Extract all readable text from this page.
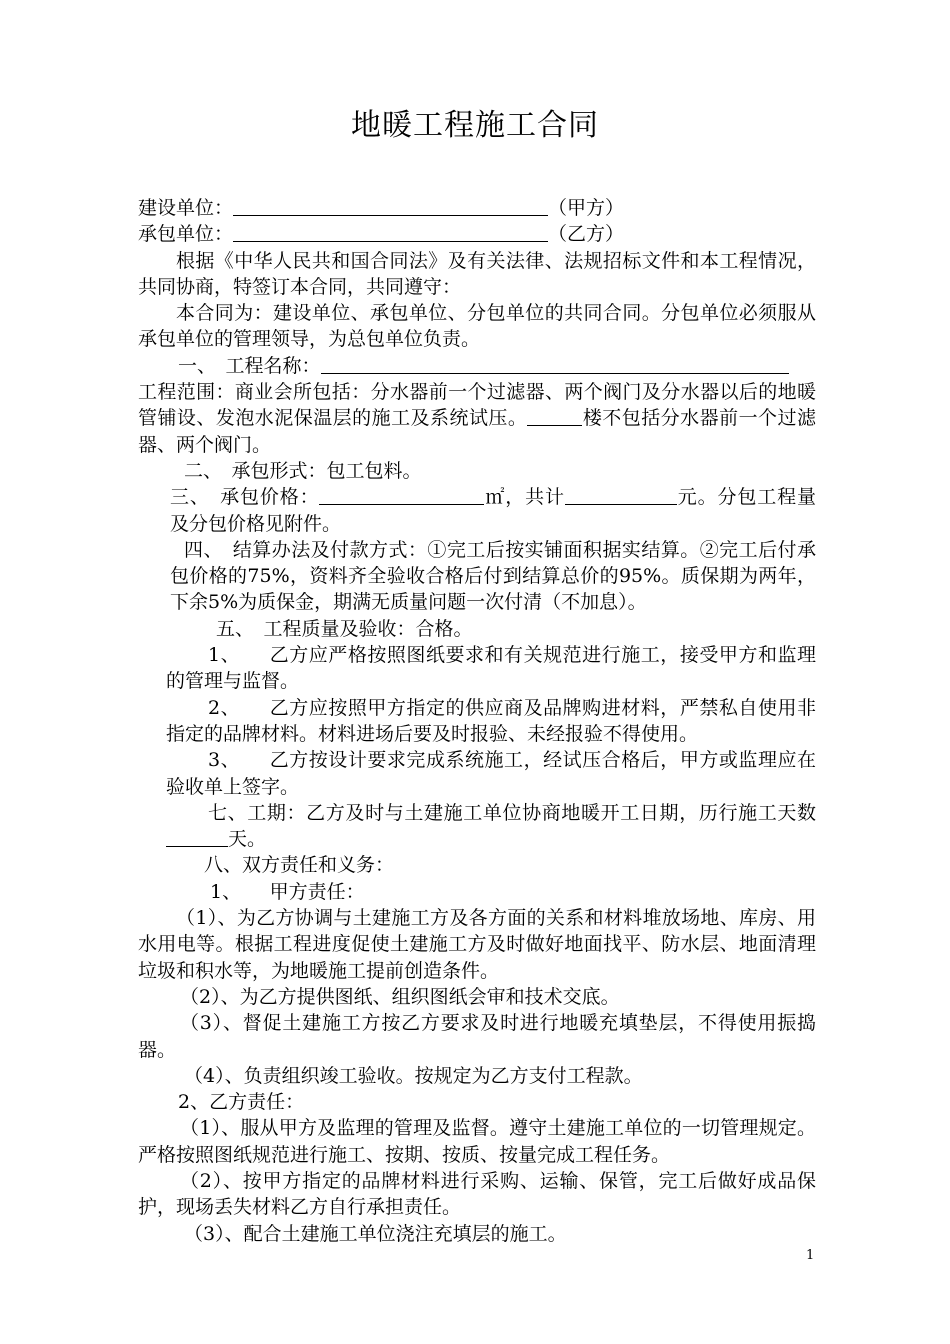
地暖工程施工合同

建设单位：	（甲方）

承包单位：	（乙方）

根据《中华人民共和国合同法》及有关法律、法规招标文件和本工程情况，共同协商，特签订本合同，共同遵守：

本合同为：建设单位、承包单位、分包单位的共同合同。分包单位必须服从承包单位的管理领导，为总包单位负责。

一、　工程名称：

工程范围：商业会所包括：分水器前一个过滤器、两个阀门及分水器以后的地暖管铺设、发泡水泥保温层的施工及系统试压。	楼不包括分水器前一个过滤器、两个阀门。

二、　承包形式：包工包料。

三、　承包价格：	㎡，共计	元。分包工程量及分包价格见附件。

四、　结算办法及付款方式：①完工后按实铺面积据实结算。②完工后付承包价格的75%，资料齐全验收合格后付到结算总价的95%。质保期为两年，下余5%为质保金，期满无质量问题一次付清（不加息）。

五、　工程质量及验收：合格。

1、　　乙方应严格按照图纸要求和有关规范进行施工，接受甲方和监理的管理与监督。

2、　　乙方应按照甲方指定的供应商及品牌购进材料，严禁私自使用非指定的品牌材料。材料进场后要及时报验、未经报验不得使用。

3、　　乙方按设计要求完成系统施工，经试压合格后，甲方或监理应在验收单上签字。

七、工期：乙方及时与土建施工单位协商地暖开工日期，历行施工天数天。

八、双方责任和义务：

1、　　甲方责任：

（1）、为乙方协调与土建施工方及各方面的关系和材料堆放场地、库房、用水用电等。根据工程进度促使土建施工方及时做好地面找平、防水层、地面清理垃圾和积水等，为地暖施工提前创造条件。

（2）、为乙方提供图纸、组织图纸会审和技术交底。

（3）、督促土建施工方按乙方要求及时进行地暖充填垫层，不得使用振捣器。

（4）、负责组织竣工验收。按规定为乙方支付工程款。

2、乙方责任：

（1）、服从甲方及监理的管理及监督。遵守土建施工单位的一切管理规定。严格按照图纸规范进行施工、按期、按质、按量完成工程任务。

（2）、按甲方指定的品牌材料进行采购、运输、保管，完工后做好成品保护，现场丢失材料乙方自行承担责任。

（3）、配合土建施工单位浇注充填层的施工。

1
